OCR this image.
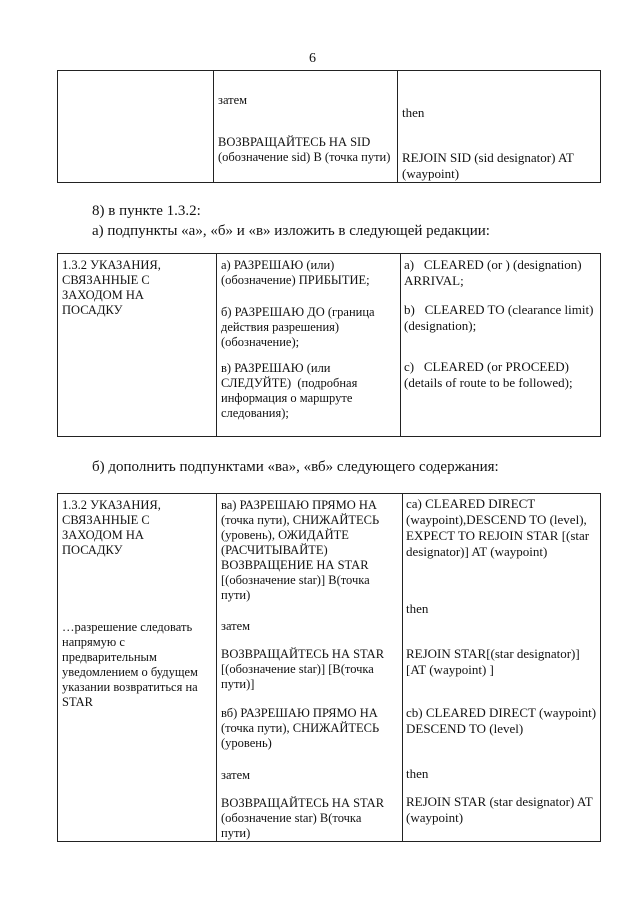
6
затем
then
ВОЗВРАЩАЙТЕСЬ НА SID
(обозначение sid) В (точка пути) REJOIN SID (sid designator) AT
(waypoint)
8) в пункте 1.3.2:
а) подпункты «а», «б» и «в» изложить в следующей редакции:
1.3.2 УКАЗАНИЯ,
СВЯЗАННЫЕ С
ЗАХОДОМ НА
ПОСАДКУ
а) РАЗРЕШАЮ (или)
(обозначение) ПРИБЫТИЕ;
б) РАЗРЕШАЮ ДО (граница
действия разрешения)
(обозначение);
в) РАЗРЕШАЮ (или
СЛЕДУЙТЕ)  (подробная
информация о маршруте
следования);
a)   CLEARED (or ) (designation)
ARRIVAL;
b)   CLEARED TO (clearance limit)
(designation);
c)   CLEARED (or PROCEED)
(details of route to be followed);
б) дополнить подпунктами «ва», «вб» следующего содержания:
1.3.2 УКАЗАНИЯ,
СВЯЗАННЫЕ С
ЗАХОДОМ НА
ПОСАДКУ
…разрешение следовать
напрямую с
предварительным
уведомлением о будущем
указании возвратиться на
STAR
ва) РАЗРЕШАЮ ПРЯМО НА
(точка пути), СНИЖАЙТЕСЬ
(уровень), ОЖИДАЙТЕ
(РАСЧИТЫВАЙТЕ)
ВОЗВРАЩЕНИЕ НА STAR
[(обозначение star)] В(точка
пути)
затем
ВОЗВРАЩАЙТЕСЬ НА STAR
[(обозначение star)] [В(точка
пути)]
вб) РАЗРЕШАЮ ПРЯМО НА
(точка пути), СНИЖАЙТЕСЬ
(уровень)
затем
ВОЗВРАЩАЙТЕСЬ НА STAR
(обозначение star) В(точка
пути)
ca) CLEARED DIRECT
(waypoint),DESCEND TO (level),
EXPECT TO REJOIN STAR [(star
designator)] AT (waypoint)
then
REJOIN STAR[(star designator)]
[AT (waypoint) ]
cb) CLEARED DIRECT (waypoint)
DESCEND TO (level)
then
REJOIN STAR (star designator) AT
(waypoint)
